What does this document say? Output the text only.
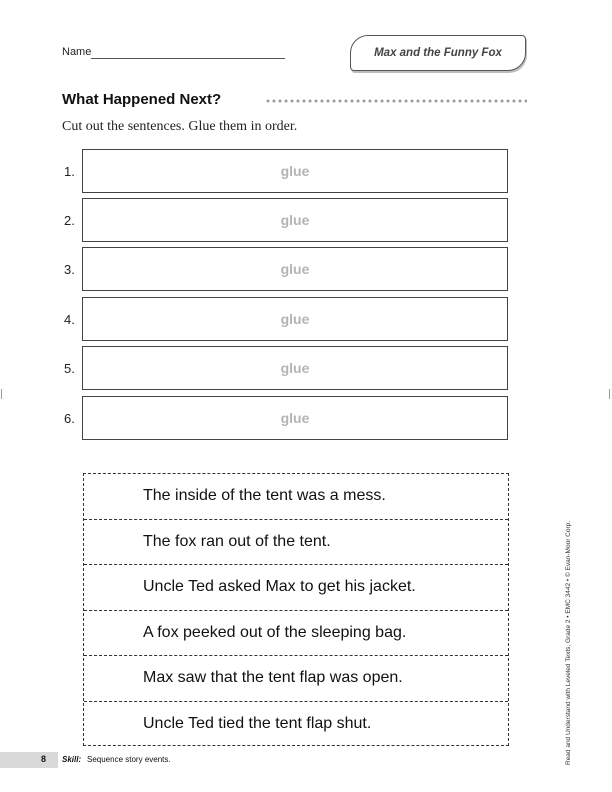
Name	Max and the Funny Fox
What Happened Next?
Cut out the sentences. Glue them in order.
1.	glue
2.	glue
3.	glue
4.	glue
5.	glue
6.	glue
The inside of the tent was a mess.
The fox ran out of the tent.
Uncle Ted asked Max to get his jacket.
A fox peeked out of the sleeping bag.
Max saw that the tent flap was open.
Uncle Ted tied the tent flap shut.	Read and Understand with Leveled Texts, Grade 2 • EMC 3442 • © Evan-Moor Corp.
8 Skill: Sequence story events.
